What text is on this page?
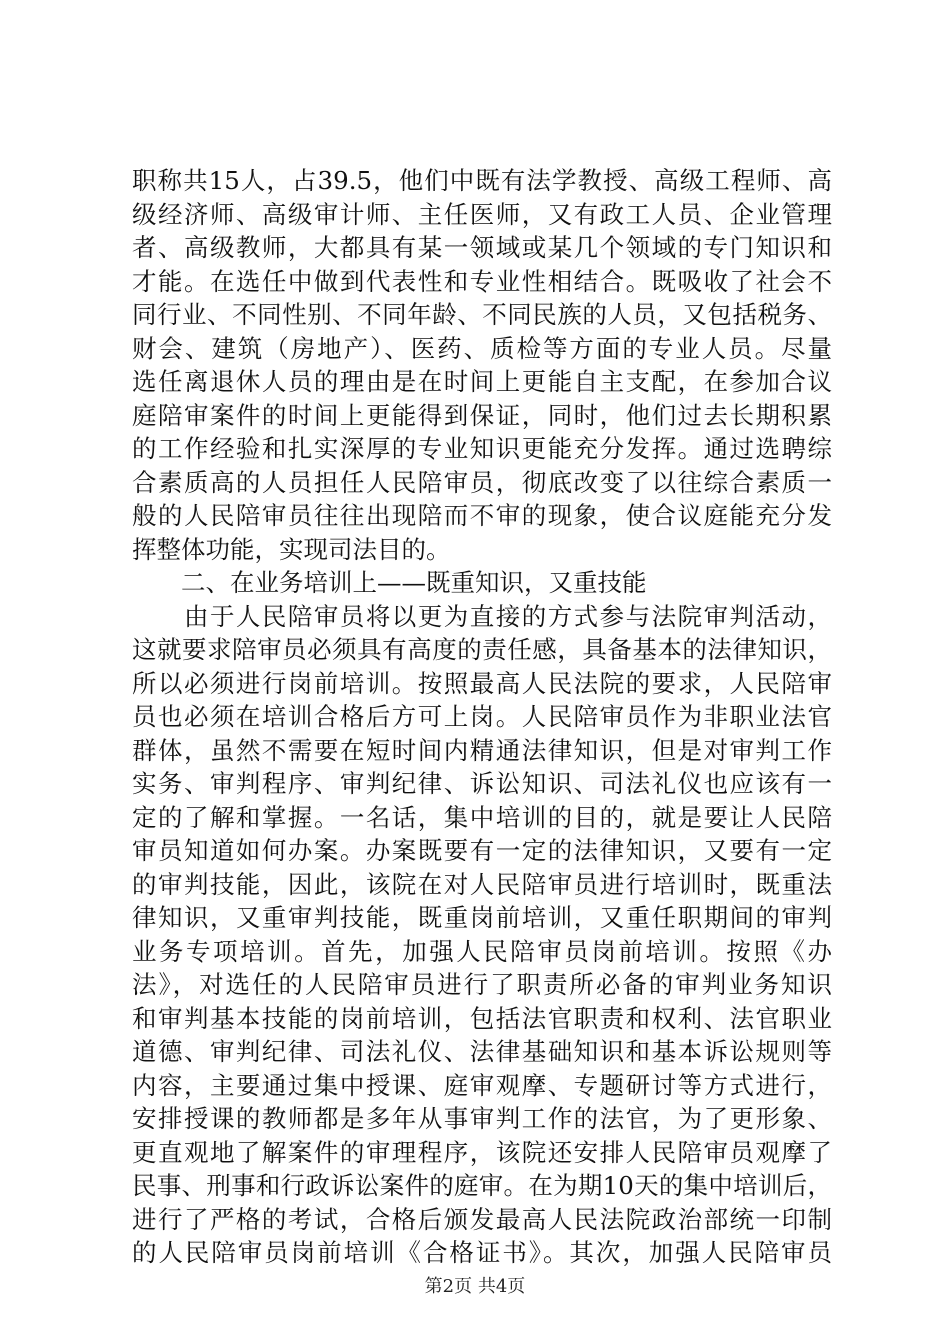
职称共15人，占39.5，他们中既有法学教授、高级工程师、高
级经济师、高级审计师、主任医师，又有政工人员、企业管理
者、高级教师，大都具有某一领域或某几个领域的专门知识和
才能。在选任中做到代表性和专业性相结合。既吸收了社会不
同行业、不同性别、不同年龄、不同民族的人员，又包括税务、
财会、建筑（房地产）、医药、质检等方面的专业人员。尽量
选任离退休人员的理由是在时间上更能自主支配，在参加合议
庭陪审案件的时间上更能得到保证，同时，他们过去长期积累
的工作经验和扎实深厚的专业知识更能充分发挥。通过选聘综
合素质高的人员担任人民陪审员，彻底改变了以往综合素质一
般的人民陪审员往往出现陪而不审的现象，使合议庭能充分发
挥整体功能，实现司法目的。
　　二、在业务培训上——既重知识，又重技能
　　由于人民陪审员将以更为直接的方式参与法院审判活动，
这就要求陪审员必须具有高度的责任感，具备基本的法律知识，
所以必须进行岗前培训。按照最高人民法院的要求，人民陪审
员也必须在培训合格后方可上岗。人民陪审员作为非职业法官
群体，虽然不需要在短时间内精通法律知识，但是对审判工作
实务、审判程序、审判纪律、诉讼知识、司法礼仪也应该有一
定的了解和掌握。一名话，集中培训的目的，就是要让人民陪
审员知道如何办案。办案既要有一定的法律知识，又要有一定
的审判技能，因此，该院在对人民陪审员进行培训时，既重法
律知识，又重审判技能，既重岗前培训，又重任职期间的审判
业务专项培训。首先，加强人民陪审员岗前培训。按照《办
法》，对选任的人民陪审员进行了职责所必备的审判业务知识
和审判基本技能的岗前培训，包括法官职责和权利、法官职业
道德、审判纪律、司法礼仪、法律基础知识和基本诉讼规则等
内容，主要通过集中授课、庭审观摩、专题研讨等方式进行，
安排授课的教师都是多年从事审判工作的法官，为了更形象、
更直观地了解案件的审理程序，该院还安排人民陪审员观摩了
民事、刑事和行政诉讼案件的庭审。在为期10天的集中培训后，
进行了严格的考试，合格后颁发最高人民法院政治部统一印制
的人民陪审员岗前培训《合格证书》。其次，加强人民陪审员
第2页 共4页
